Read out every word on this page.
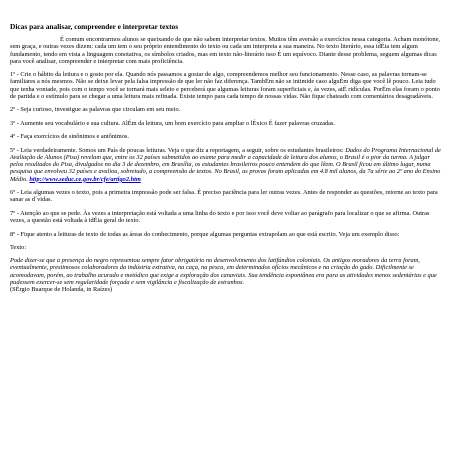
Dicas para analisar, compreender e interpretar textos

É comum encontrarmos alunos se queixando de que não sabem interpretar textos. Muitos têm aversão a exercícios nessa categoria. Acham monótone, sem graça, e outras vezes dizem: cada um tem o seu próprio entendimento do texto ou cada um interpreta a sua maneira. No texto literário, essa idÉia tem algum fundamento, tendo em vista a linguagem conotativa, os símbolos criados, mas em texto não-literário isso É um equívoco. Diante desse problema, seguem algumas dicas para você analisar, compreender e interpretar com mais proficiência.

1º - Crie o hábito da leitura e o gosto por ela. Quando nós passamos a gostar de algo, compreendemos melhor seu funcionamento. Nesse caso, as palavras tornam-se familiares a nós mesmos. Não se deixe levar pela falsa impressão de que ler não faz diferença. TambÉm não se intimide caso alguÉm diga que você lê pouco. Leia tudo que tenha vontade, pois com o tempo você se tornará mais seleto e perceberá que algumas leituras foram superficiais e, às vezes, atÉ ridículas. PorÉm elas foram o ponto de partida e o estímulo para se chegar a uma leitura mais refinada. Existe tempo para cada tempo de nossas vidas. Não fique chateado com comentários desagradáveis.

2º - Seja curioso, investigue as palavras que circulam em seu meio.

3º - Aumente seu vocabulário e sua cultura. AlÉm da leitura, um bom exercício para ampliar o lÉxico É fazer palavras cruzadas.

4º - Faça exercícios de sinônimos e antônimos.

5º - Leia verdadeiramente. Somos um País de poucas leituras. Veja o que diz a reportagem, a seguir, sobre os estudantes brasileiros: Dados do Programa Internacional de Avaliação de Alunos (Pisa) revelam que, entre os 32 países submetidos ao exame para medir a capacidade de leitura dos alunos, o Brasil é o pior da turma. A julgar pelos resultados do Pisa, divulgados no dia 3 de dezembro, em Brasília, os estudantes brasileiros pouco entendem do que lêem. O Brasil ficou em último lugar, numa pesquisa que envolveu 32 países e avaliou, sobretudo, a compreensão de textos. No Brasil, as provas foram aplicadas em 4.8 mil alunos, da 7a série ao 2º ano do Ensino Médio. http://www.seduc.ce.gov.br/cfe/artigo2.htm

6º - Leia algumas vezes o texto, pois a primeira impressão pode ser falsa. É preciso paciência para ler outras vezes. Antes de responder as questões, retorne ao texto para sanar as d´vidas.

7º - Atenção ao que se pede. Às vezes a interpretação está voltada a uma linha do texto e por isso você deve voltar ao parágrafo para localizar o que se afirma. Outras vezes, a questão está voltada à idÉia geral do texto.

8º - Fique atento a leituras de texto de todas as áreas do conhecimento, porque algumas perguntas extrapolam ao que está escrito. Veja um exemplo disso:

Texto:

Pode dizer-se que a presença do negro representou sempre fator obrigatório no desenvolvimento dos latifúndios coloniais. Os antigos moradores da terra foram, eventualmente, prestimosos colaboradores da indústria extrativa, na caça, na pesca, em determinados ofícios mecânicos e na criação do gado. Dificilmente se acomodavam, porém, ao trabalho acurado e metódico que exige a exploração dos canaviais. Sua tendência espontânea era para as atividades menos sedentárias e que pudessem exercer-se sem regularidade forçada e sem vigilância e fiscalização de estranhos.
(SÉrgio Buarque de Holanda, in Raízes)
